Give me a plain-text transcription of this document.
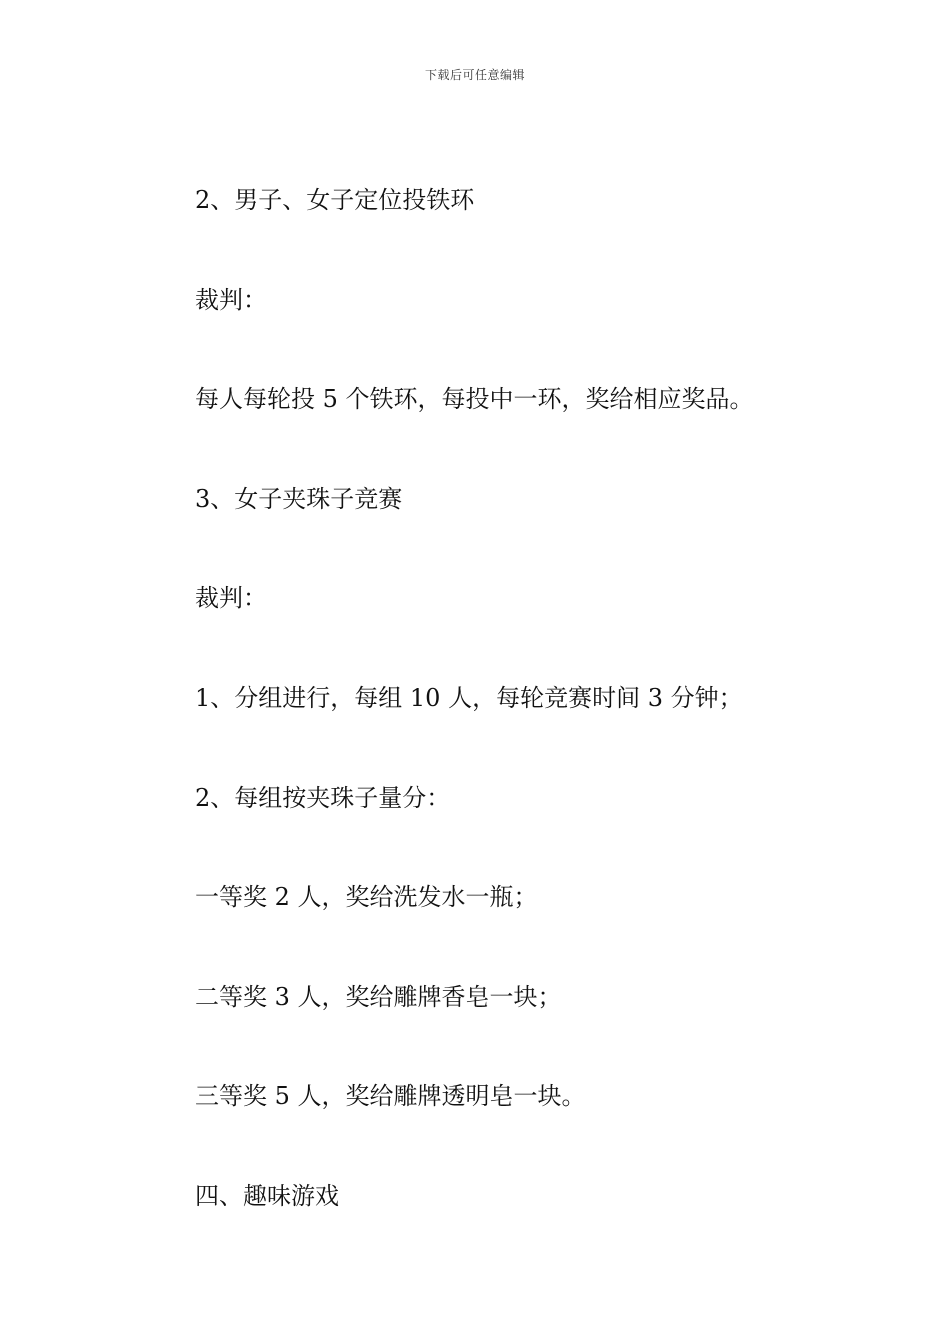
下载后可任意编辑

2、男子、女子定位投铁环

裁判：

每人每轮投 5 个铁环，每投中一环，奖给相应奖品。

3、女子夹珠子竞赛

裁判：

1、分组进行，每组 10 人，每轮竞赛时间 3 分钟；

2、每组按夹珠子量分：

一等奖 2 人，奖给洗发水一瓶；

二等奖 3 人，奖给雕牌香皂一块；

三等奖 5 人，奖给雕牌透明皂一块。

四、趣味游戏
